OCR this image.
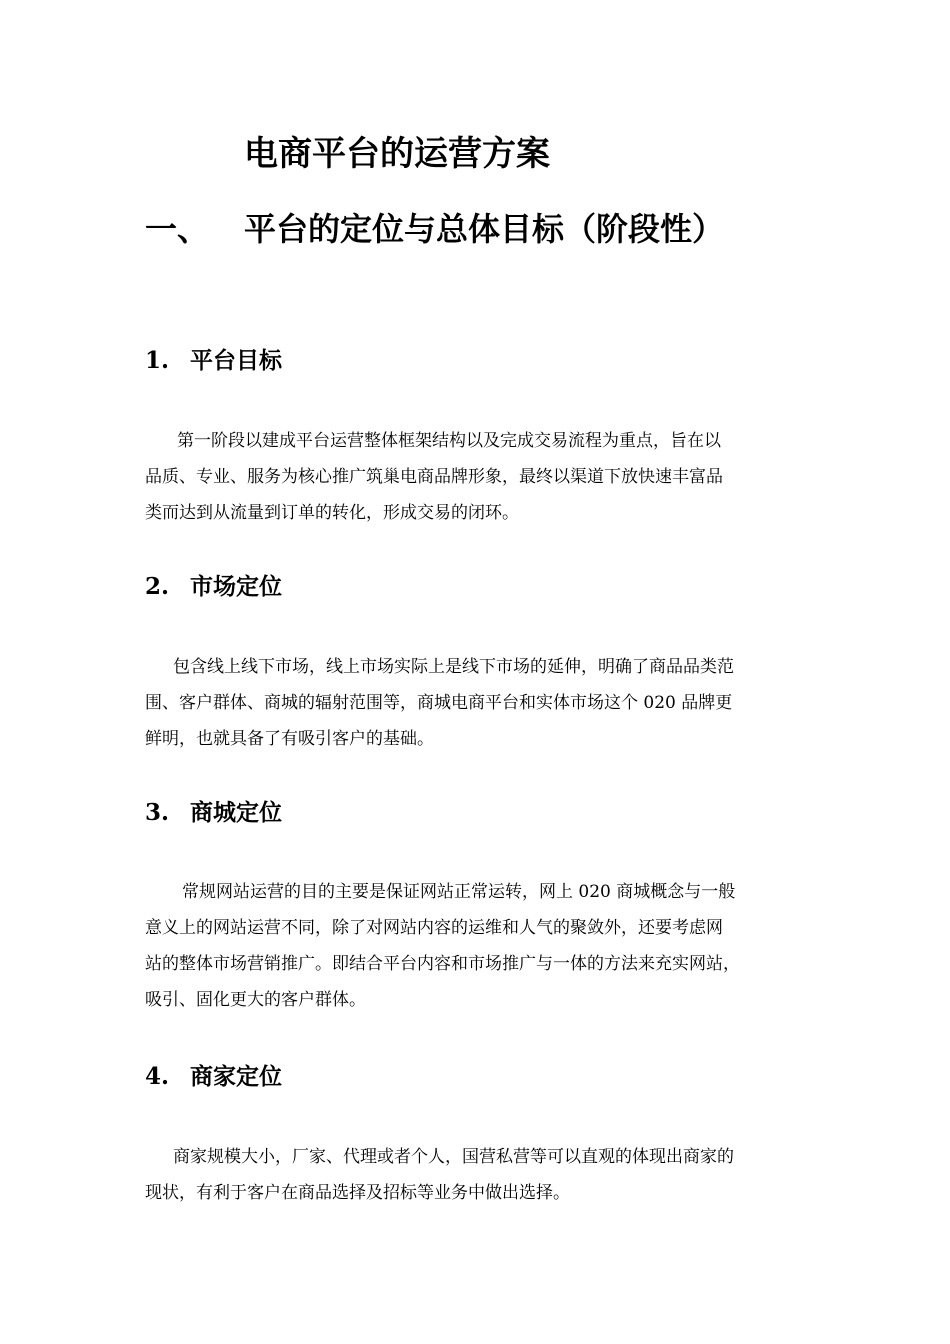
电商平台的运营方案
一、 平台的定位与总体目标（阶段性）
1. 平台目标
第一阶段以建成平台运营整体框架结构以及完成交易流程为重点，旨在以
品质、专业、服务为核心推广筑巢电商品牌形象，最终以渠道下放快速丰富品
类而达到从流量到订单的转化，形成交易的闭环。
2. 市场定位
包含线上线下市场，线上市场实际上是线下市场的延伸，明确了商品品类范
围、客户群体、商城的辐射范围等，商城电商平台和实体市场这个 020 品牌更
鲜明，也就具备了有吸引客户的基础。
3. 商城定位
常规网站运营的目的主要是保证网站正常运转，网上 020 商城概念与一般
意义上的网站运营不同，除了对网站内容的运维和人气的聚敛外，还要考虑网
站的整体市场营销推广。即结合平台内容和市场推广与一体的方法来充实网站，
吸引、固化更大的客户群体。
4. 商家定位
商家规模大小，厂家、代理或者个人，国营私营等可以直观的体现出商家的
现状，有利于客户在商品选择及招标等业务中做出选择。
